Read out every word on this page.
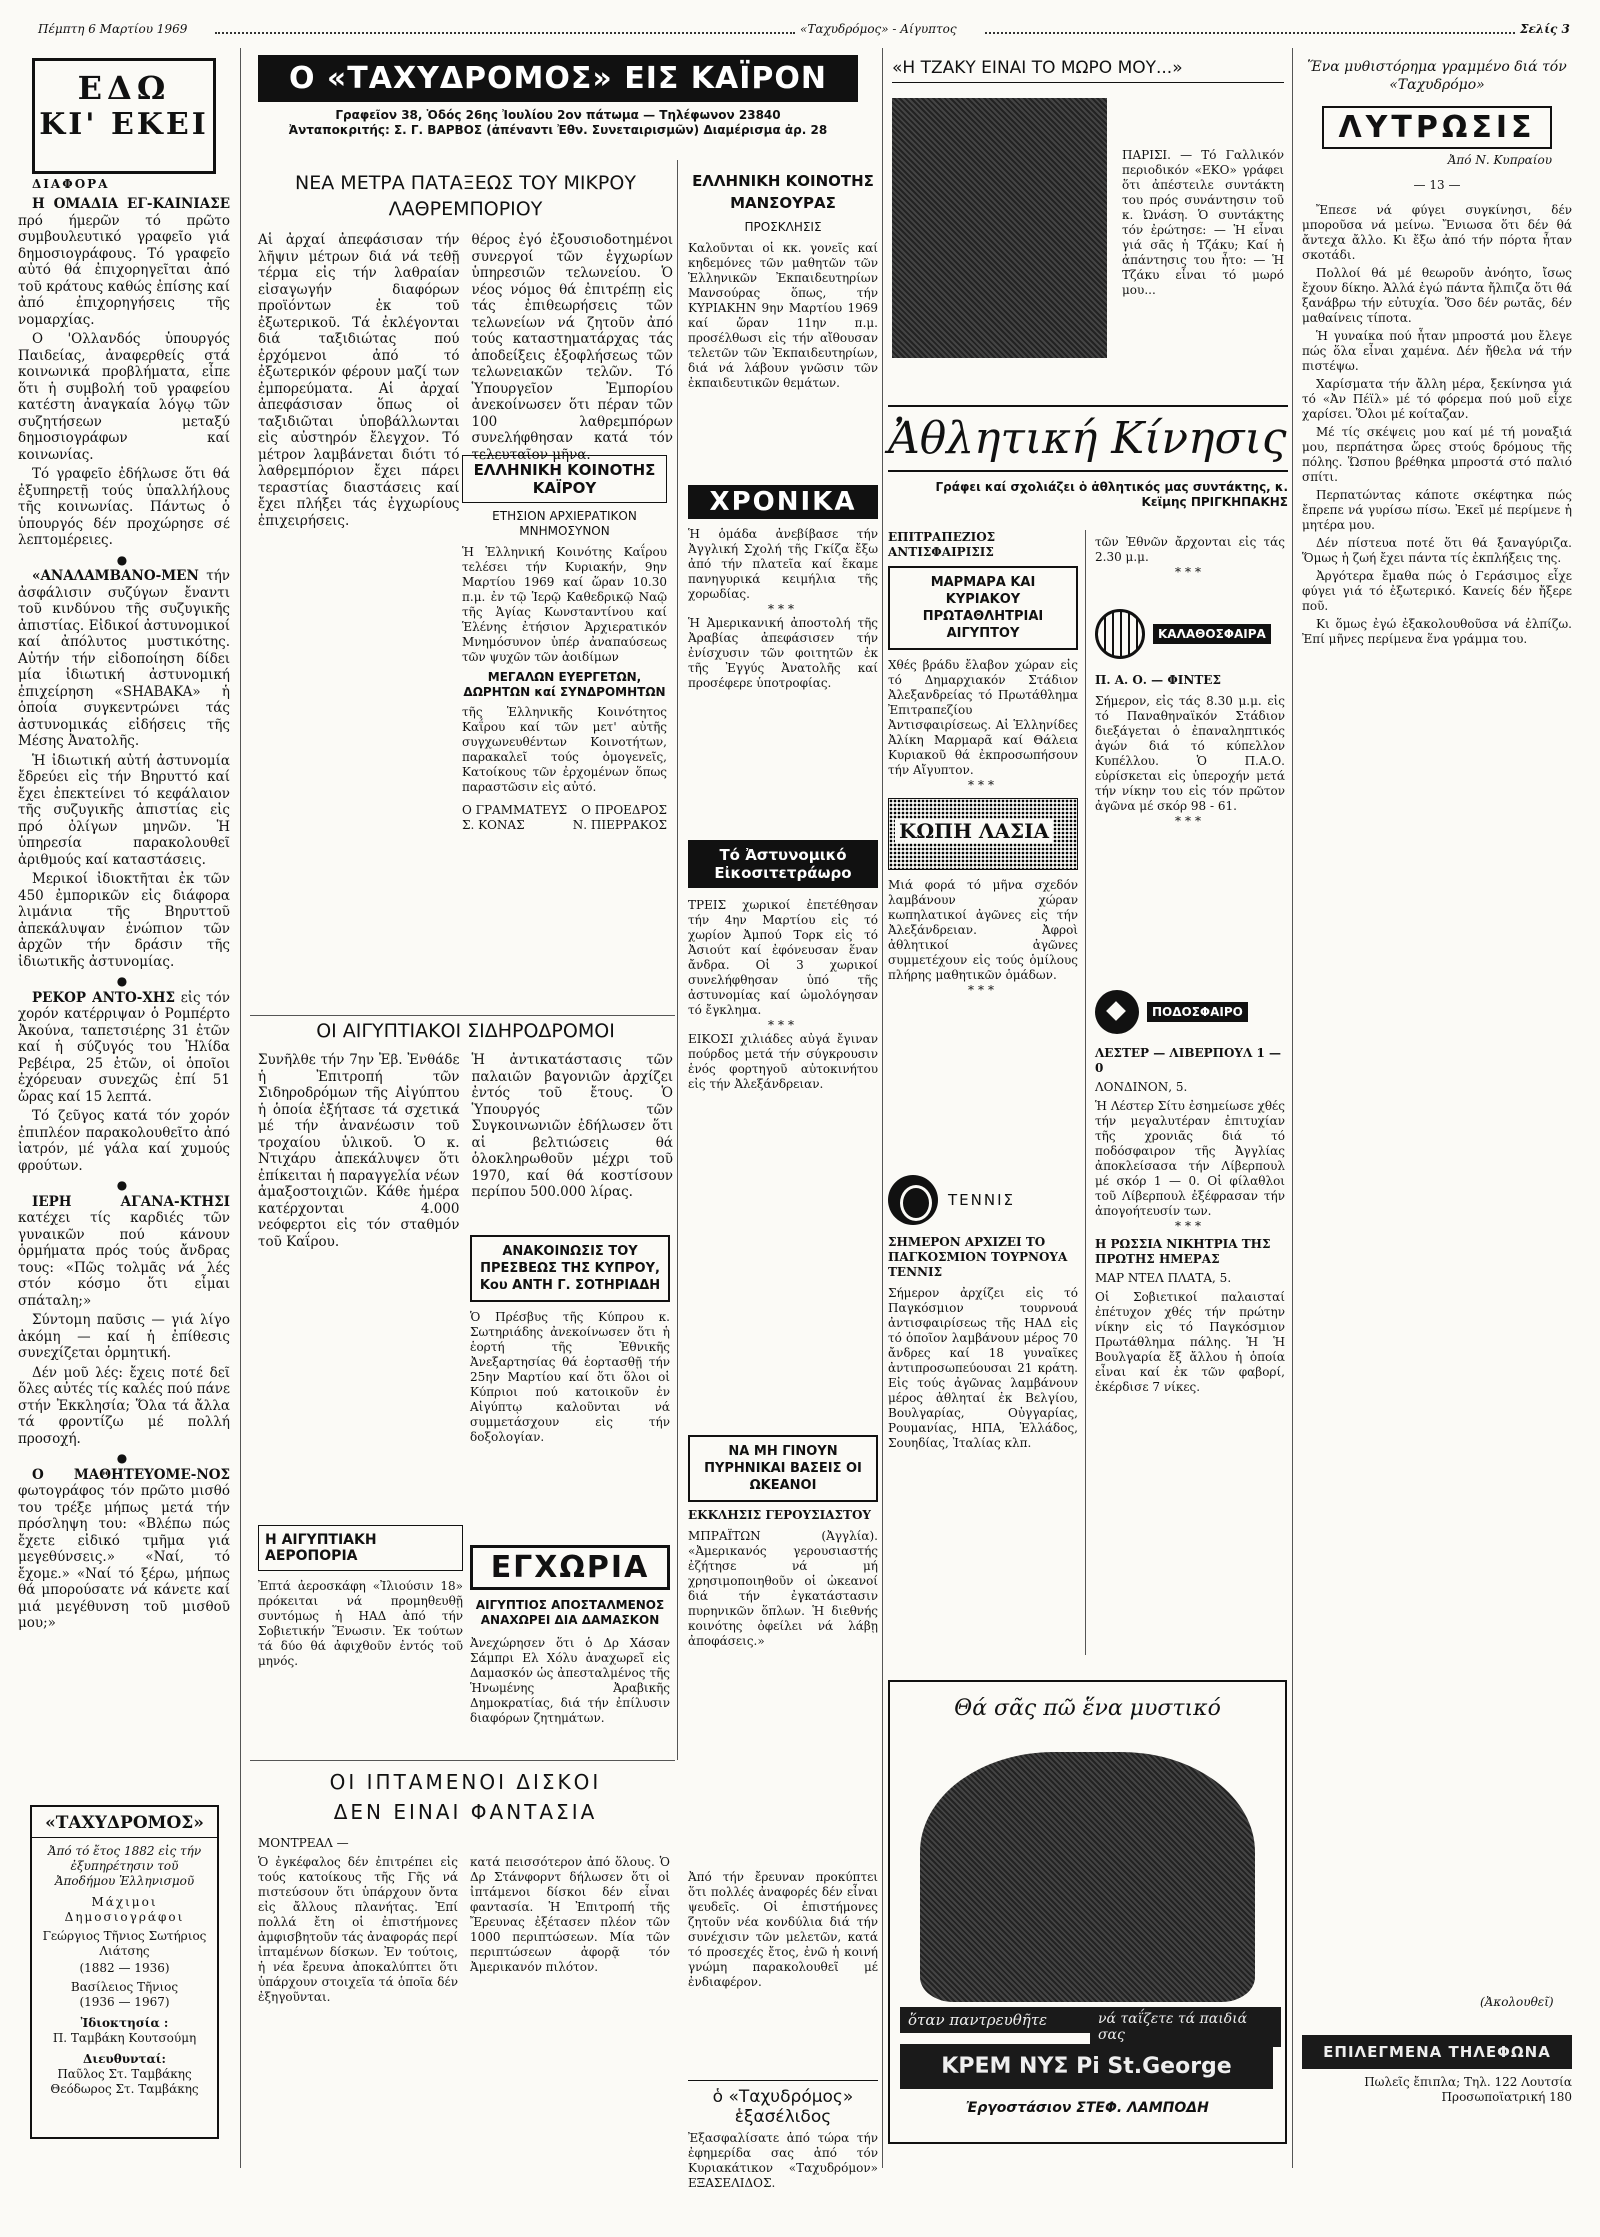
Πέμπτη 6 Μαρτίου 1969	«Ταχυδρόμος» - Αίγυπτος	Σελίς 3
ΕΔΩ
ΚΙ' ΕΚΕΙ
ΔΙΑΦΟΡΑ

Η ΟΜΑΔΙΑ ΕΓ-ΚΑΙΝΙΑΣΕ πρό ήμερῶν τό πρῶτο συμβουλευτικό γραφεῖο γιά δημοσιογράφους. Τό γραφεῖο αὐτό θά ἐπιχορηγεῖται ἀπό τοῦ κράτους καθώς ἐπίσης καί ἀπό ἐπιχορηγήσεις τῆς νομαρχίας.

Ο 'Ολλανδός ὑπουργός Παιδείας, ἀναφερθείς στά κοινωνικά προβλήματα, εἶπε ὅτι ἡ συμβολή τοῦ γραφείου κατέστη ἀναγκαία λόγῳ τῶν συζητήσεων μεταξύ δημοσιογράφων καί κοινωνίας.

Τό γραφεῖο ἐδήλωσε ὅτι θά ἐξυπηρετῇ τούς ὑπαλλήλους τῆς κοινωνίας. Πάντως ὁ ὑπουργός δέν προχώρησε σέ λεπτομέρειες.

●

«ΑΝΑΛΑΜΒΑΝΟ-ΜΕΝ τήν ἀσφάλισιν συζύγων ἔναντι τοῦ κινδύνου τῆς συζυγικῆς ἀπιστίας. Εἰδικοί ἀστυνομικοί καί ἀπόλυτος μυστικότης. Αὐτήν τήν εἰδοποίηση δίδει μία ἰδιωτική ἀστυνομική ἐπιχείρηση «SHABAKA» ἡ ὁποία συγκεντρώνει τάς ἀστυνομικάς εἰδήσεις τῆς Μέσης Ἀνατολῆς.

Ἡ ἰδιωτική αὐτή ἀστυνομία ἔδρεύει εἰς τήν Βηρυττό καί ἔχει ἐπεκτείνει τό κεφάλαιον τῆς συζυγικῆς ἀπιστίας εἰς πρό ὀλίγων μηνῶν. Ἡ ὑπηρεσία παρακολουθεῖ ἀριθμούς καί καταστάσεις.

Μερικοί ἰδιοκτῆται ἐκ τῶν 450 ἐμπορικῶν εἰς διάφορα λιμάνια τῆς Βηρυττοῦ ἀπεκάλυψαν ἐνώπιον τῶν ἀρχῶν τήν δράσιν τῆς ἰδιωτικῆς ἀστυνομίας.

●

ΡΕΚΟΡ ΑΝΤΟ-ΧΗΣ εἰς τόν χορόν κατέρριψαν ὁ Ρομπέρτο Ἀκούνα, ταπετσιέρης 31 ἐτῶν καί ἡ σύζυγός του Ἡλίδα Ρεβέιρα, 25 ἐτῶν, οἱ ὁποῖοι ἐχόρευαν συνεχῶς ἐπί 51 ὥρας καί 15 λεπτά.

Τό ζεῦγος κατά τόν χορόν ἐπιπλέον παρακολουθεῖτο ἀπό ἰατρόν, μέ γάλα καί χυμούς φρούτων.

●

ΙΕΡΗ ΑΓΑΝΑ-ΚΤΗΣΙ κατέχει τίς καρδιές τῶν γυναικῶν πού κάνουν ὁρμήματα πρός τούς ἄνδρας τους: «Πῶς τολμᾶς νά λές στόν κόσμο ὅτι εἶμαι σπάταλη;»

Σύντομη παῦσις — γιά λίγο ἀκόμη — καί ἡ ἐπίθεσις συνεχίζεται ὁρμητική.

Δέν μοῦ λές: ἔχεις ποτέ δεῖ ὅλες αὐτές τίς καλές πού πάνε στήν Ἐκκλησία; Ὅλα τά ἄλλα τά φροντίζω μέ πολλή προσοχή.

●

Ο ΜΑΘΗΤΕΥΟΜΕ-ΝΟΣ φωτογράφος τόν πρῶτο μισθό του τρέξε μήπως μετά τήν πρόσληψη του: «Βλέπω πώς ἔχετε εἰδικό τμῆμα γιά μεγεθύνσεις.» «Ναί, τό ἔχομε.» «Ναί τό ξέρω, μήπως θά μπορούσατε νά κάνετε καί μιά μεγέθυνση τοῦ μισθοῦ μου;»

«ΤΑΧΥΔΡΟΜΟΣ»
Ἀπό τό ἔτος 1882 εἰς τήν ἐξυπηρέτησιν τοῦ Ἀποδήμου Ἑλληνισμοῦ
Μάχιμοι Δημοσιογράφοι
Γεώργιος Τῆνιος Σωτήριος Λιάτσης
(1882 — 1936)
Βασίλειος Τῆνιος
(1936 — 1967)
Ἰδιοκτησία :
Π. Ταμβάκη Κουτσούμη
Διευθυνταί:
Παῦλος Στ. Ταμβάκης Θεόδωρος Στ. Ταμβάκης
Ο «ΤΑΧΥΔΡΟΜΟΣ» ΕΙΣ ΚΑΪΡΟΝ
Γραφεῖον 38, Ὁδός 26ης Ἰουλίου 2ον πάτωμα — Τηλέφωνον 23840
Ἀνταποκριτής: Σ. Γ. ΒΑΡΒΟΣ (ἀπέναντι Ἐθν. Συνεταιρισμῶν) Διαμέρισμα ἀρ. 28
ΝΕΑ ΜΕΤΡΑ ΠΑΤΑΞΕΩΣ ΤΟΥ ΜΙΚΡΟΥ ΛΑΘΡΕΜΠΟΡΙΟΥ
Αἱ ἀρχαί ἀπεφάσισαν τήν λῆψιν μέτρων διά νά τεθῇ τέρμα εἰς τήν λαθραίαν εἰσαγωγήν διαφόρων προϊόντων ἐκ τοῦ ἐξωτερικοῦ. Τά ἐκλέγονται διά ταξιδιώτας πού ἐρχόμενοι ἀπό τό ἐξωτερικόν φέρουν μαζί των ἐμπορεύματα. Αἱ ἀρχαί ἀπεφάσισαν ὅπως οἱ ταξιδιῶται ὑποβάλλωνται εἰς αὐστηρόν ἔλεγχον. Τό μέτρον λαμβάνεται διότι τό λαθρεμπόριον ἔχει πάρει τεραστίας διαστάσεις καί ἔχει πλήξει τάς ἐγχωρίους ἐπιχειρήσεις.
θέρος ἐγό ἐξουσιοδοτημένοι συνεργοί τῶν ἐγχωρίων ὑπηρεσιῶν τελωνείου. Ὁ νέος νόμος θά ἐπιτρέπῃ εἰς τάς ἐπιθεωρήσεις τῶν τελωνείων νά ζητοῦν ἀπό τούς καταστηματάρχας τάς ἀποδείξεις ἐξοφλήσεως τῶν τελωνειακῶν τελῶν. Τό Ὑπουργεῖον Ἐμπορίου ἀνεκοίνωσεν ὅτι πέραν τῶν 100 λαθρεμπόρων συνελήφθησαν κατά τόν τελευταῖον μῆνα.
ΕΛΛΗΝΙΚΗ ΚΟΙΝΟΤΗΣ ΚΑΪΡΟΥ
ΕΤΗΣΙΟΝ ΑΡΧΙΕΡΑΤΙΚΟΝ ΜΝΗΜΟΣΥΝΟΝ
Ἡ Ἑλληνική Κοινότης Καΐρου τελέσει τήν Κυριακήν, 9ην Μαρτίου 1969 καί ὥραν 10.30 π.μ. ἐν τῷ Ἱερῷ Καθεδρικῷ Ναῷ τῆς Ἁγίας Κωνσταντίνου καί Ἑλένης ἐτήσιον Ἀρχιερατικόν Μνημόσυνον ὑπέρ ἀναπαύσεως τῶν ψυχῶν τῶν ἀοιδίμων
ΜΕΓΑΛΩΝ ΕΥΕΡΓΕΤΩΝ, ΔΩΡΗΤΩΝ καί ΣΥΝΔΡΟΜΗΤΩΝ
τῆς Ἑλληνικῆς Κοινότητος Καΐρου καί τῶν μετ' αὐτῆς συγχωνευθέντων Κοινοτήτων, παρακαλεῖ τούς ὁμογενεῖς, Κατοίκους τῶν ἐρχομένων ὅπως παραστῶσιν εἰς αὐτό.
Ο ΓΡΑΜΜΑΤΕΥΣ
Σ. ΚΟΝΑΣ
Ο ΠΡΟΕΔΡΟΣ
Ν. ΠΙΕΡΡΑΚΟΣ
ΟΙ ΑΙΓΥΠΤΙΑΚΟΙ ΣΙΔΗΡΟΔΡΟΜΟΙ
Συνῆλθε τήν 7ην Ἐβ. Ἐνθάδε ἡ Ἐπιτροπή τῶν Σιδηροδρόμων τῆς Αἰγύπτου ἡ ὁποία ἐξήτασε τά σχετικά μέ τήν ἀνανέωσιν τοῦ τροχαίου ὑλικοῦ. Ὁ κ. Ντιχάρυ ἀπεκάλυψεν ὅτι ἐπίκειται ἡ παραγγελία νέων ἁμαξοστοιχιῶν. Κάθε ἡμέρα κατέρχονται 4.000 νεόφερτοι εἰς τόν σταθμόν τοῦ Καΐρου.
Ἡ ἀντικατάστασις τῶν παλαιῶν βαγονιῶν ἀρχίζει ἐντός τοῦ ἔτους. Ὁ Ὑπουργός τῶν Συγκοινωνιῶν ἐδήλωσεν ὅτι αἱ βελτιώσεις θά ὁλοκληρωθοῦν μέχρι τοῦ 1970, καί θά κοστίσουν περίπου 500.000 λίρας.
ΑΝΑΚΟΙΝΩΣΙΣ ΤΟΥ ΠΡΕΣΒΕΩΣ ΤΗΣ ΚΥΠΡΟΥ, Κου ΑΝΤΗ Γ. ΣΟΤΗΡΙΑΔΗ
Ὁ Πρέσβυς τῆς Κύπρου κ. Σωτηριάδης ἀνεκοίνωσεν ὅτι ἡ ἑορτή τῆς Ἐθνικῆς Ἀνεξαρτησίας θά ἑορτασθῇ τήν 25ην Μαρτίου καί ὅτι ὅλοι οἱ Κύπριοι πού κατοικοῦν ἐν Αἰγύπτῳ καλοῦνται νά συμμετάσχουν εἰς τήν δοξολογίαν.
Η ΑΙΓΥΠΤΙΑΚΗ ΑΕΡΟΠΟΡΙΑ
Ἐπτά ἀεροσκάφη «Ἰλιούσιν 18» πρόκειται νά προμηθευθῇ συντόμως ἡ ΗΑΔ ἀπό τήν Σοβιετικήν Ἕνωσιν. Ἐκ τούτων τά δύο θά ἀφιχθοῦν ἐντός τοῦ μηνός.
ΕΓΧΩΡΙΑ
ΑΙΓΥΠΤΙΟΣ ΑΠΟΣΤΑΛΜΕΝΟΣ ΑΝΑΧΩΡΕΙ ΔΙΑ ΔΑΜΑΣΚΟΝ
Ἀνεχώρησεν ὅτι ὁ Δρ Χάσαν Σάμπρι Ελ Χόλυ ἀναχωρεῖ εἰς Δαμασκόν ὡς ἀπεσταλμένος τῆς Ἡνωμένης Ἀραβικῆς Δημοκρατίας, διά τήν ἐπίλυσιν διαφόρων ζητημάτων.
ΟΙ ΙΠΤΑΜΕΝΟΙ ΔΙΣΚΟΙ
ΔΕΝ ΕΙΝΑΙ ΦΑΝΤΑΣΙΑ
ΜΟΝΤΡΕΑΛ —
Ὁ ἐγκέφαλος δέν ἐπιτρέπει εἰς τούς κατοίκους τῆς Γῆς νά πιστεύσουν ὅτι ὑπάρχουν ὄντα εἰς ἄλλους πλανήτας. Ἐπί πολλά ἔτη οἱ ἐπιστήμονες ἀμφισβητοῦν τάς ἀναφοράς περί ἰπταμένων δίσκων. Ἐν τούτοις, ἡ νέα ἔρευνα ἀποκαλύπτει ὅτι ὑπάρχουν στοιχεῖα τά ὁποῖα δέν ἐξηγοῦνται.
κατά πεισσότερον ἀπό ὅλους. Ὁ Δρ Στάνφορντ δήλωσεν ὅτι οἱ ἰπτάμενοι δίσκοι δέν εἶναι φαντασία. Ἡ Ἐπιτροπή τῆς Ἔρευνας ἐξέτασεν πλέον τῶν 1000 περιπτώσεων. Μία τῶν περιπτώσεων ἀφορᾷ τόν Ἀμερικανόν πιλότον.
ΕΛΛΗΝΙΚΗ ΚΟΙΝΟΤΗΣ ΜΑΝΣΟΥΡΑΣ
ΠΡΟΣΚΛΗΣΙΣ
Καλοῦνται οἱ κκ. γονεῖς καί κηδεμόνες τῶν μαθητῶν τῶν Ἑλληνικῶν Ἐκπαιδευτηρίων Μανσούρας ὅπως, τήν ΚΥΡΙΑΚΗΝ 9ην Μαρτίου 1969 καί ὥραν 11ην π.μ. προσέλθωσι εἰς τήν αἴθουσαν τελετῶν τῶν Ἐκπαιδευτηρίων, διά νά λάβουν γνῶσιν τῶν ἐκπαιδευτικῶν θεμάτων.
ΧΡΟΝΙΚΑ
Ἡ ὁμάδα ἀνεβίβασε τήν Ἀγγλική Σχολή τῆς Γκίζα ἔξω ἀπό τήν πλατεῖα καί ἔκαμε πανηγυρικά κειμήλια τῆς χορωδίας.
***
Ἡ Ἀμερικανική ἀποστολή τῆς Ἀραβίας ἀπεφάσισεν τήν ἐνίσχυσιν τῶν φοιτητῶν ἐκ τῆς Ἐγγύς Ἀνατολῆς καί προσέφερε ὑποτροφίας.
Τό Ἀστυνομικό Εἰκοσιτετράωρο
ΤΡΕΙΣ χωρικοί ἐπετέθησαν τήν 4ην Μαρτίου εἰς τό χωρίον Ἀμπού Τορκ εἰς τό Ἀσιούτ καί ἐφόνευσαν ἕναν ἄνδρα. Οἱ 3 χωρικοί συνελήφθησαν ὑπό τῆς ἀστυνομίας καί ὡμολόγησαν τό ἔγκλημα.
***
ΕΙΚΟΣΙ χιλιάδες αὐγά ἔγιναν πούρδος μετά τήν σύγκρουσιν ἑνός φορτηγοῦ αὐτοκινήτου εἰς τήν Ἀλεξάνδρειαν.
ΝΑ ΜΗ ΓΙΝΟΥΝ ΠΥΡΗΝΙΚΑΙ ΒΑΣΕΙΣ ΟΙ ΩΚΕΑΝΟΙ
ΕΚΚΛΗΣΙΣ ΓΕΡΟΥΣΙΑΣΤΟΥ
ΜΠΡΑΪΤΩΝ (Ἀγγλία). «Ἀμερικανός γερουσιαστής ἐζήτησε νά μή χρησιμοποιηθοῦν οἱ ὠκεανοί διά τήν ἐγκατάστασιν πυρηνικῶν ὅπλων. Ἡ διεθνής κοινότης ὀφείλει νά λάβῃ ἀποφάσεις.»
Ἀπό τήν ἔρευναν προκύπτει ὅτι πολλές ἀναφορές δέν εἶναι ψευδεῖς. Οἱ ἐπιστήμονες ζητοῦν νέα κονδύλια διά τήν συνέχισιν τῶν μελετῶν, κατά τό προσεχές ἔτος, ἐνῶ ἡ κοινή γνώμη παρακολουθεῖ μέ ἐνδιαφέρον.
ὁ «Ταχυδρόμος» ἑξασέλιδος
Ἐξασφαλίσατε ἀπό τώρα τήν ἐφημερίδα σας ἀπό τόν Κυριακάτικον «Ταχυδρόμον» ΕΞΑΣΕΛΙΔΟΣ.
«Η ΤΖΑΚΥ ΕΙΝΑΙ ΤΟ ΜΩΡΟ ΜΟΥ...»
ΠΑΡΙΣΙ. — Τό Γαλλικόν περιοδικόν «ΕΚΟ» γράφει ὅτι ἀπέστειλε συντάκτη του πρός συνάντησιν τοῦ κ. Ὠνάση. Ὁ συντάκτης τόν ἐρώτησε: — Ἡ εἶναι γιά σᾶς ἡ Τζάκυ; Καί ἡ ἀπάντησις του ἦτο: — Ἡ Τζάκυ εἶναι τό μωρό μου...
Ἀθλητική Κίνησις
Γράφει καί σχολιάζει ὁ ἀθλητικός μας συντάκτης, κ. Κεϊμης ΠΡΙΓΚΗΠΑΚΗΣ
ΕΠΙΤΡΑΠΕΖΙΟΣ ΑΝΤΙΣΦΑΙΡΙΣΙΣ
ΜΑΡΜΑΡΑ ΚΑΙ ΚΥΡΙΑΚΟΥ ΠΡΩΤΑΘΛΗΤΡΙΑΙ ΑΙΓΥΠΤΟΥ
Χθές βράδυ ἔλαβον χώραν εἰς τό Δημαρχιακόν Στάδιον Ἀλεξανδρείας τό Πρωτάθλημα Ἐπιτραπεζίου Ἀντισφαιρίσεως. Αἱ Ἑλληνίδες Ἀλίκη Μαρμαρᾶ καί Θάλεια Κυριακοῦ θά ἐκπροσωπήσουν τήν Αἴγυπτον.
***
ΚΩΠΗ ΛΑΣΙΑ
Μιά φορά τό μῆνα σχεδόν λαμβάνουν χώραν κωπηλατικοί ἀγῶνες εἰς τήν Ἀλεξάνδρειαν. Ἀφροὶ ἀθλητικοί ἀγῶνες συμμετέχουν εἰς τούς ὁμίλους πλήρης μαθητικῶν ὁμάδων.
***
ΤΕΝΝΙΣ
ΣΗΜΕΡΟΝ ΑΡΧΙΖΕΙ ΤΟ ΠΑΓΚΟΣΜΙΟΝ ΤΟΥΡΝΟΥΑ ΤΕΝΝΙΣ
Σήμερον ἀρχίζει εἰς τό Παγκόσμιον τουρνουά ἀντισφαιρίσεως τῆς ΗΑΔ εἰς τό ὁποῖον λαμβάνουν μέρος 70 ἄνδρες καί 18 γυναῖκες ἀντιπροσωπεύουσαι 21 κράτη. Εἰς τούς ἀγῶνας λαμβάνουν μέρος ἀθληταί ἐκ Βελγίου, Βουλγαρίας, Οὐγγαρίας, Ρουμανίας, ΗΠΑ, Ἑλλάδος, Σουηδίας, Ἰταλίας κλπ.
τῶν Ἐθνῶν ἄρχονται εἰς τάς 2.30 μ.μ.
***
ΚΑΛΑΘΟΣΦΑΙΡΑ
Π. Α. Ο. — ΦΙΝΤΕΣ
Σήμερον, εἰς τάς 8.30 μ.μ. εἰς τό Παναθηναϊκόν Στάδιον διεξάγεται ὁ ἐπαναληπτικός ἀγών διά τό κύπελλον Κυπέλλου. Ὁ Π.Α.Ο. εὑρίσκεται εἰς ὑπεροχήν μετά τήν νίκην του εἰς τόν πρῶτον ἀγῶνα μέ σκόρ 98 - 61.
***
ΠΟΔΟΣΦΑΙΡΟ
ΛΕΣΤΕΡ — ΛΙΒΕΡΠΟΥΛ 1 — 0
ΛΟΝΔΙΝΟΝ, 5.
Ἡ Λέστερ Σίτυ ἐσημείωσε χθές τήν μεγαλυτέραν ἐπιτυχίαν τῆς χρονιᾶς διά τό ποδόσφαιρον τῆς Ἀγγλίας ἀποκλείσασα τήν Λίβερπουλ μέ σκόρ 1 — 0. Οἱ φίλαθλοι τοῦ Λίβερπουλ ἐξέφρασαν τήν ἀπογοήτευσίν των.
***
Η ΡΩΣΣΙΑ ΝΙΚΗΤΡΙΑ ΤΗΣ ΠΡΩΤΗΣ ΗΜΕΡΑΣ
ΜΑΡ ΝΤΕΛ ΠΛΑΤΑ, 5.
Οἱ Σοβιετικοί παλαισταί ἐπέτυχον χθές τήν πρώτην νίκην εἰς τό Παγκόσμιον Πρωτάθλημα πάλης. Ἡ Ἡ Βουλγαρία ἔξ ἄλλου ἡ ὁποία εἶναι καί ἐκ τῶν φαβορί, ἐκέρδισε 7 νίκες.
Θά σᾶς πῶ ἕνα μυστικό
ὅταν παντρευθῆτε	νά ταΐζετε τά παιδιά σας
ΚΡΕΜ ΝΥΣ Pi St.George
Ἐργοστάσιον ΣΤΕΦ. ΛΑΜΠΟΔΗ
Ἕνα μυθιστόρημα γραμμένο διά τόν «Ταχυδρόμο»
ΛΥΤΡΩΣΙΣ
Ἀπό Ν. Κυπραίου
— 13 —

Ἔπεσε νά φύγει συγκίνησι, δέν μποροῦσα νά μείνω. Ἔνιωσα ὅτι δέν θά ἄντεχα ἄλλο. Κι ἔξω ἀπό τήν πόρτα ἦταν σκοτάδι.

Πολλοί θά μέ θεωροῦν ἀνόητο, ἴσως ἔχουν δίκηο. Ἀλλά ἐγώ πάντα ἤλπιζα ὅτι θά ξανάβρω τήν εὐτυχία. Ὅσο δέν ρωτᾶς, δέν μαθαίνεις τίποτα.

Ἡ γυναίκα πού ἦταν μπροστά μου ἔλεγε πώς ὅλα εἶναι χαμένα. Δέν ἤθελα νά τήν πιστέψω.

Χαρίσματα τήν ἄλλη μέρα, ξεκίνησα γιά τό «Ἀν Πέϊλ» μέ τό φόρεμα πού μοῦ εἶχε χαρίσει. Ὅλοι μέ κοίταζαν.

Μέ τίς σκέψεις μου καί μέ τή μοναξιά μου, περπάτησα ὥρες στούς δρόμους τῆς πόλης. Ὥσπου βρέθηκα μπροστά στό παλιό σπίτι.

Περπατώντας κάποτε σκέφτηκα πώς ἔπρεπε νά γυρίσω πίσω. Ἐκεῖ μέ περίμενε ἡ μητέρα μου.

Δέν πίστευα ποτέ ὅτι θά ξαναγύριζα. Ὅμως ἡ ζωή ἔχει πάντα τίς ἐκπλήξεις της.

Ἀργότερα ἔμαθα πώς ὁ Γεράσιμος εἶχε φύγει γιά τό ἐξωτερικό. Κανείς δέν ἤξερε ποῦ.

Κι ὅμως ἐγώ ἐξακολουθοῦσα νά ἐλπίζω. Ἐπί μῆνες περίμενα ἕνα γράμμα του.

(Ἀκολουθεῖ)
ΕΠΙΛΕΓΜΕΝΑ ΤΗΛΕΦΩΝΑ
Πωλεῖς ἔπιπλα; Τηλ. 122 Λουτσία Προσωποϊατρική 180
